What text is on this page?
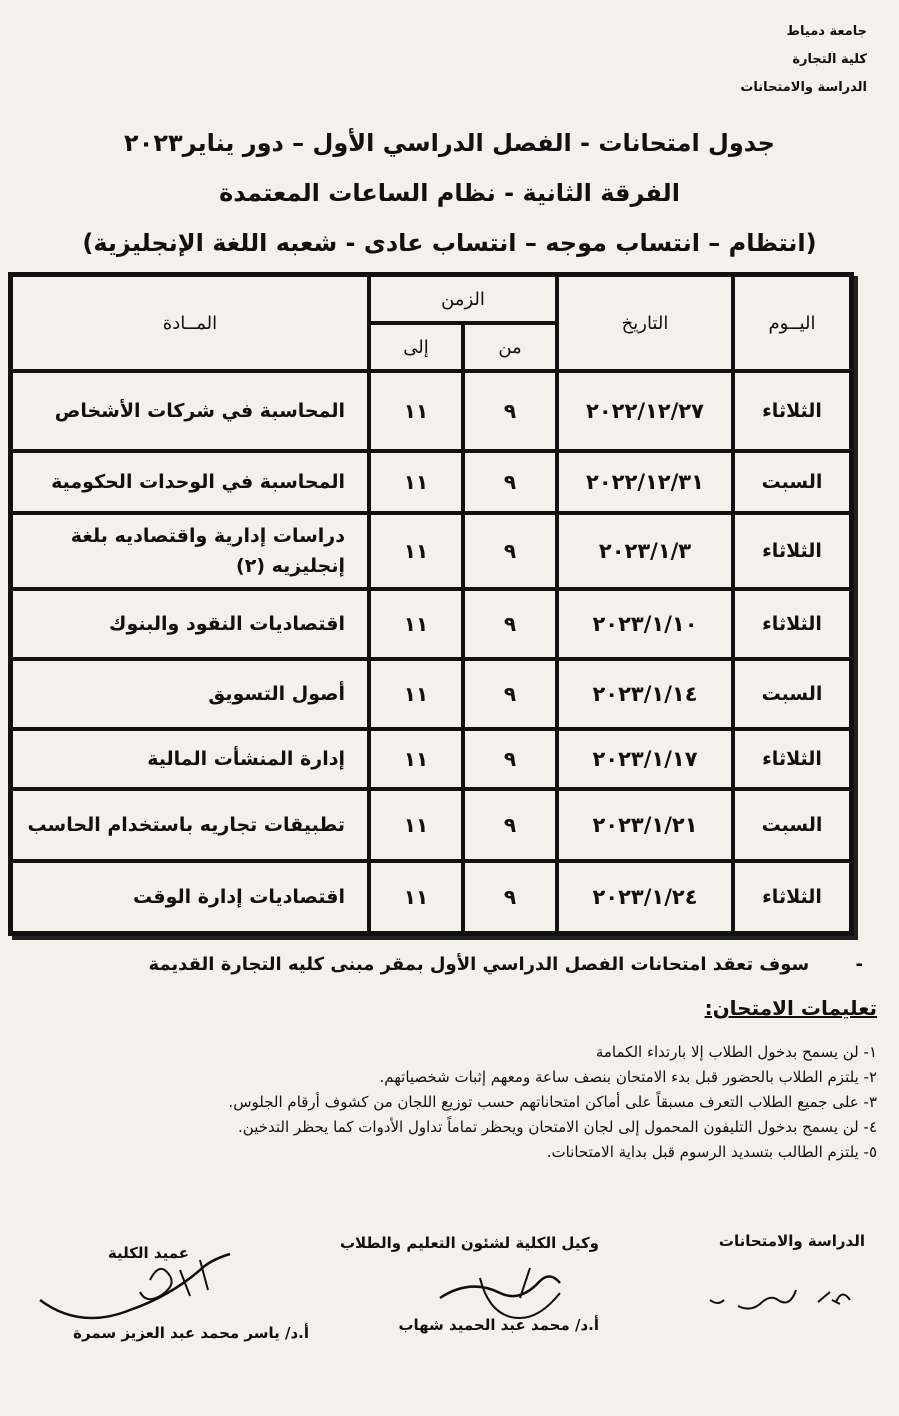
جامعة دمياط
كلية التجارة
الدراسة والامتحانات
جدول امتحانات - الفصل الدراسي الأول – دور يناير٢٠٢٣
الفرقة الثانية - نظام الساعات المعتمدة
(انتظام – انتساب موجه – انتساب عادى - شعبه اللغة الإنجليزية)
اليــوم	التاريخ	الزمن		المــادة
		من	إلى	
الثلاثاء	٢٠٢٢/١٢/٢٧	٩	١١	المحاسبة في شركات الأشخاص
السبت	٢٠٢٢/١٢/٣١	٩	١١	المحاسبة في الوحدات الحكومية
الثلاثاء	٢٠٢٣/١/٣	٩	١١	دراسات إدارية واقتصاديه بلغة إنجليزيه (٢)
الثلاثاء	٢٠٢٣/١/١٠	٩	١١	اقتصاديات النقود والبنوك
السبت	٢٠٢٣/١/١٤	٩	١١	أصول التسويق
الثلاثاء	٢٠٢٣/١/١٧	٩	١١	إدارة المنشأت المالية
السبت	٢٠٢٣/١/٢١	٩	١١	تطبيقات تجاريه باستخدام الحاسب
الثلاثاء	٢٠٢٣/١/٢٤	٩	١١	اقتصاديات إدارة الوقت
- سوف تعقد امتحانات الفصل الدراسي الأول بمقر مبنى كليه التجارة القديمة
تعليمات الامتحان:
١- لن يسمح بدخول الطلاب إلا بارتداء الكمامة
٢- يلتزم الطلاب بالحضور قبل بدء الامتحان بنصف ساعة ومعهم إثبات شخصياتهم.
٣- على جميع الطلاب التعرف مسبقاً على أماكن امتحاناتهم حسب توزيع اللجان من كشوف أرقام الجلوس.
٤- لن يسمح بدخول التليفون المحمول إلى لجان الامتحان ويحظر تماماً تداول الأدوات كما يحظر التدخين.
٥- يلتزم الطالب بتسديد الرسوم قبل بداية الامتحانات.
الدراسة والامتحانات
وكيل الكلية لشئون التعليم والطلاب
أ.د/ محمد عبد الحميد شهاب
عميد الكلية
أ.د/ ياسر محمد عبد العزيز سمرة
